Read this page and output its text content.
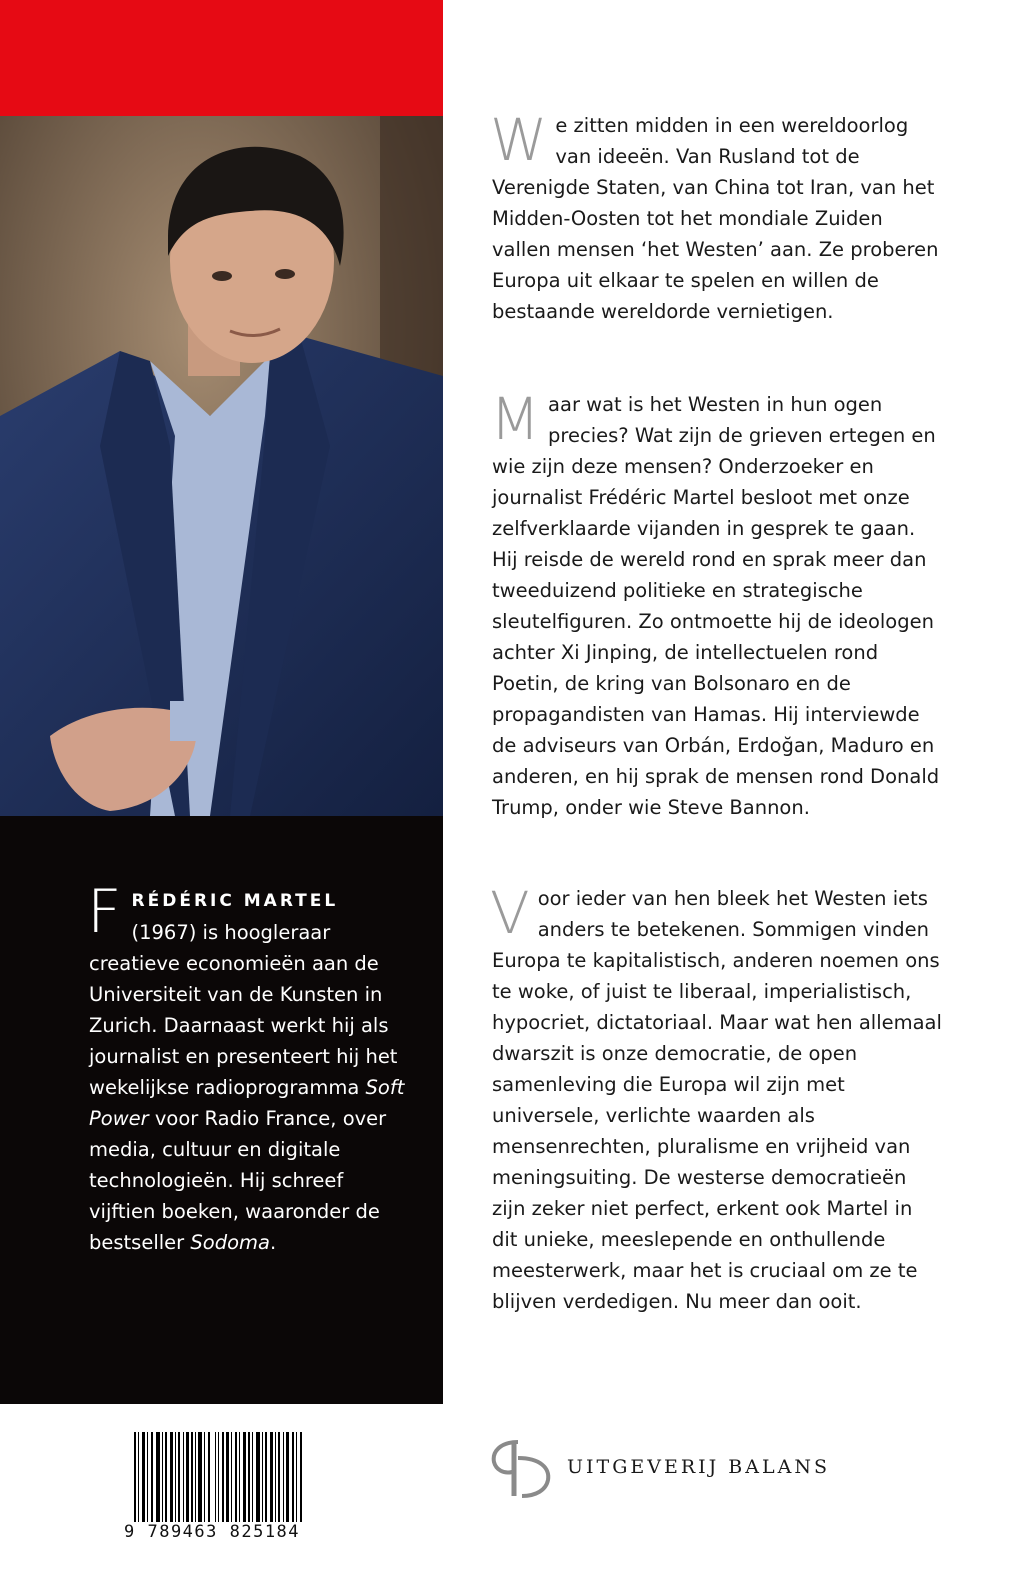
FRÉDÉRIC MARTEL (1967) is hoogleraar creatieve economieën aan de Universiteit van de Kunsten in Zurich. Daarnaast werkt hij als journalist en presenteert hij het wekelijkse radioprogramma Soft Power voor Radio France, over media, cultuur en digitale technologieën. Hij schreef vijftien boeken, waaronder de bestseller Sodoma.
We zitten midden in een wereldoorlog van ideeën. Van Rusland tot de Verenigde Staten, van China tot Iran, van het Midden-Oosten tot het mondiale Zuiden vallen mensen ‘het Westen’ aan. Ze proberen Europa uit elkaar te spelen en willen de bestaande wereldorde vernietigen.
Maar wat is het Westen in hun ogen precies? Wat zijn de grieven ertegen en wie zijn deze mensen? Onderzoeker en journalist Frédéric Martel besloot met onze zelfverklaarde vijanden in gesprek te gaan. Hij reisde de wereld rond en sprak meer dan tweeduizend politieke en strategische sleutelfiguren. Zo ontmoette hij de ideologen achter Xi Jinping, de intellectuelen rond Poetin, de kring van Bolsonaro en de propagandisten van Hamas. Hij interviewde de adviseurs van Orbán, Erdoğan, Maduro en anderen, en hij sprak de mensen rond Donald Trump, onder wie Steve Bannon.
Voor ieder van hen bleek het Westen iets anders te betekenen. Sommigen vinden Europa te kapitalistisch, anderen noemen ons te woke, of juist te liberaal, imperialistisch, hypocriet, dictatoriaal. Maar wat hen allemaal dwarszit is onze democratie, de open samenleving die Europa wil zijn met universele, verlichte waarden als mensenrechten, pluralisme en vrijheid van meningsuiting. De westerse democratieën zijn zeker niet perfect, erkent ook Martel in dit unieke, meeslepende en onthullende meesterwerk, maar het is cruciaal om ze te blijven verdedigen. Nu meer dan ooit.
9 789463 825184
UITGEVERIJ BALANS
